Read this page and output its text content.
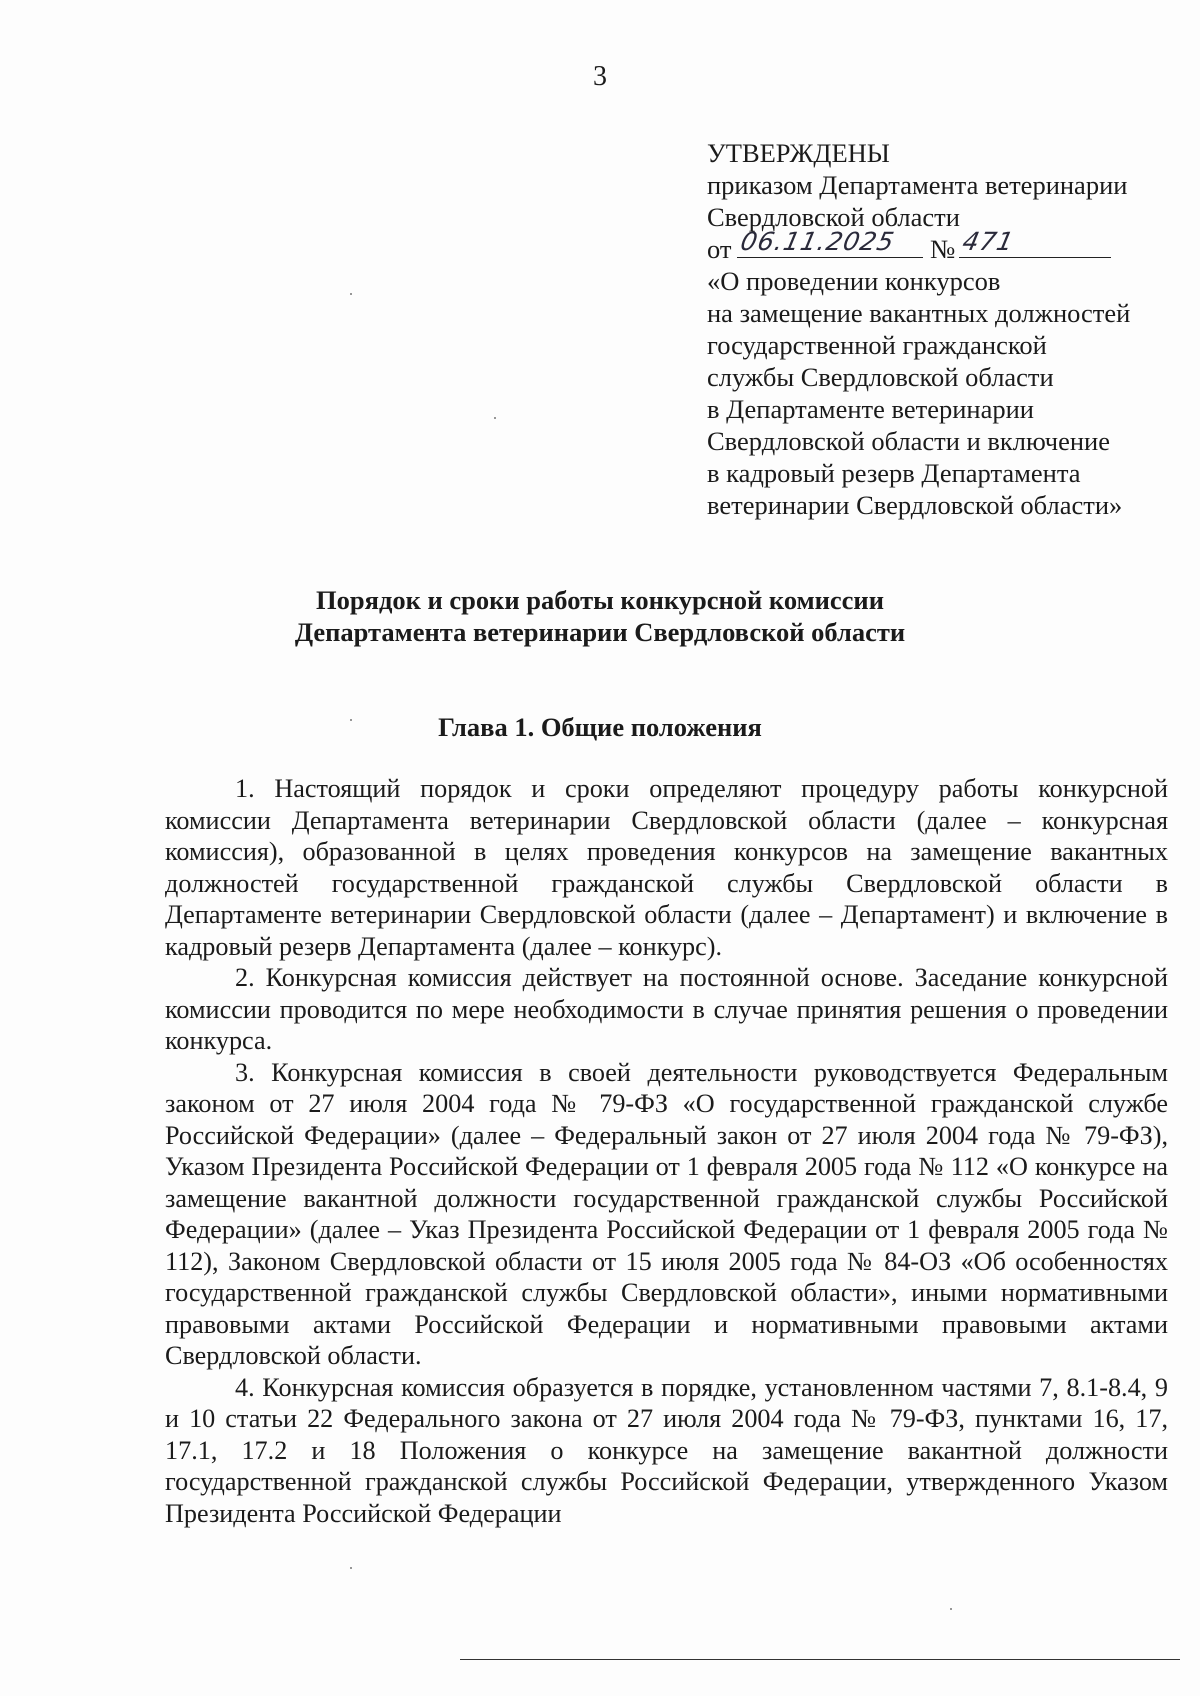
3
УТВЕРЖДЕНЫ
приказом Департамента ветеринарии
Свердловской области
от 06.11.2025 № 471
«О проведении конкурсов
на замещение вакантных должностей
государственной гражданской
службы Свердловской области
в Департаменте ветеринарии
Свердловской области и включение
в кадровый резерв Департамента
ветеринарии Свердловской области»
Порядок и сроки работы конкурсной комиссии
Департамента ветеринарии Свердловской области
Глава 1. Общие положения

1. Настоящий порядок и сроки определяют процедуру работы конкурсной комиссии Департамента ветеринарии Свердловской области (далее – конкурсная комиссия), образованной в целях проведения конкурсов на замещение вакантных должностей государственной гражданской службы Свердловской области в Департаменте ветеринарии Свердловской области (далее – Департамент) и включение в кадровый резерв Департамента (далее – конкурс).

2. Конкурсная комиссия действует на постоянной основе. Заседание конкурсной комиссии проводится по мере необходимости в случае принятия решения о проведении конкурса.

3. Конкурсная комиссия в своей деятельности руководствуется Федеральным законом от 27 июля 2004 года № 79-ФЗ «О государственной гражданской службе Российской Федерации» (далее – Федеральный закон от 27 июля 2004 года № 79-ФЗ), Указом Президента Российской Федерации от 1 февраля 2005 года № 112 «О конкурсе на замещение вакантной должности государственной гражданской службы Российской Федерации» (далее – Указ Президента Российской Федерации от 1 февраля 2005 года № 112), Законом Свердловской области от 15 июля 2005 года № 84-ОЗ «Об особенностях государственной гражданской службы Свердловской области», иными нормативными правовыми актами Российской Федерации и нормативными правовыми актами Свердловской области.

4. Конкурсная комиссия образуется в порядке, установленном частями 7, 8.1-8.4, 9 и 10 статьи 22 Федерального закона от 27 июля 2004 года № 79-ФЗ, пунктами 16, 17, 17.1, 17.2 и 18 Положения о конкурсе на замещение вакантной должности государственной гражданской службы Российской Федерации, утвержденного Указом Президента Российской Федерации
